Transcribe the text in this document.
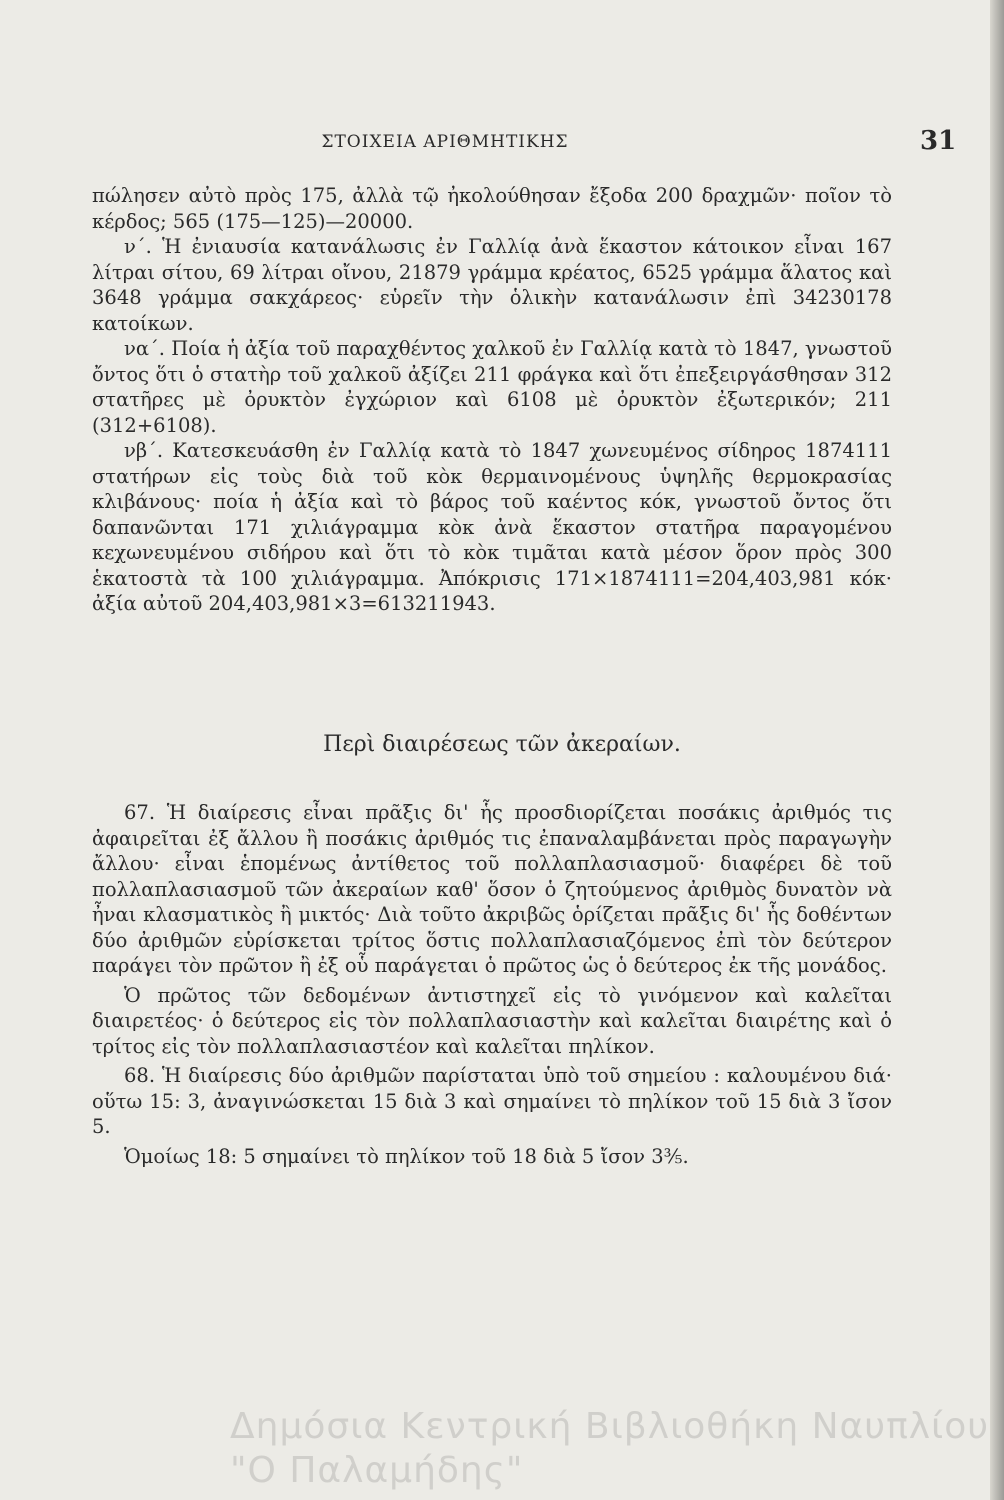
ΣΤΟΙΧΕΙΑ ΑΡΙΘΜΗΤΙΚΗΣ	31

πώλησεν αὐτὸ πρὸς 175, ἀλλὰ τῷ ἠκολούθησαν ἔξοδα 200 δραχμῶν· ποῖον τὸ κέρδος; 565 (175—125)—20000.

ν΄. Ἡ ἐνιαυσία κατανάλωσις ἐν Γαλλίᾳ ἀνὰ ἕκαστον κάτοικον εἶναι 167 λίτραι σίτου, 69 λίτραι οἴνου, 21879 γράμμα κρέατος, 6525 γράμμα ἅλατος καὶ 3648 γράμμα σακχάρεος· εὑρεῖν τὴν ὁλικὴν κατανάλωσιν ἐπὶ 34230178 κατοίκων.

να΄. Ποία ἡ ἀξία τοῦ παραχθέντος χαλκοῦ ἐν Γαλλίᾳ κατὰ τὸ 1847, γνωστοῦ ὄντος ὅτι ὁ στατὴρ τοῦ χαλκοῦ ἀξίζει 211 φράγκα καὶ ὅτι ἐπεξειργάσθησαν 312 στατῆρες μὲ ὀρυκτὸν ἐγχώριον καὶ 6108 μὲ ὀρυκτὸν ἐξωτερικόν; 211 (312+6108).

νβ΄. Κατεσκευάσθη ἐν Γαλλίᾳ κατὰ τὸ 1847 χωνευμένος σίδηρος 1874111 στατήρων εἰς τοὺς διὰ τοῦ κὸκ θερμαινομένους ὑψηλῆς θερμοκρασίας κλιβάνους· ποία ἡ ἀξία καὶ τὸ βάρος τοῦ καέντος κόκ, γνωστοῦ ὄντος ὅτι δαπανῶνται 171 χιλιάγραμμα κὸκ ἀνὰ ἕκαστον στατῆρα παραγομένου κεχωνευμένου σιδήρου καὶ ὅτι τὸ κὸκ τιμᾶται κατὰ μέσον ὅρον πρὸς 300 ἑκατοστὰ τὰ 100 χιλιάγραμμα. Ἀπόκρισις 171×1874111=204,403,981 κόκ· ἀξία αὐτοῦ 204,403,981×3=613211943.

Περὶ διαιρέσεως τῶν ἀκεραίων.

67. Ἡ διαίρεσις εἶναι πρᾶξις δι' ἧς προσδιορίζεται ποσάκις ἀριθμός τις ἀφαιρεῖται ἐξ ἄλλου ἢ ποσάκις ἀριθμός τις ἐπαναλαμβάνεται πρὸς παραγωγὴν ἄλλου· εἶναι ἑπομένως ἀντίθετος τοῦ πολλαπλασιασμοῦ· διαφέρει δὲ τοῦ πολλαπλασιασμοῦ τῶν ἀκεραίων καθ' ὅσον ὁ ζητούμενος ἀριθμὸς δυνατὸν νὰ ἦναι κλασματικὸς ἢ μικτός· Διὰ τοῦτο ἀκριβῶς ὁρίζεται πρᾶξις δι' ἧς δοθέντων δύο ἀριθμῶν εὑρίσκεται τρίτος ὅστις πολλαπλασιαζόμενος ἐπὶ τὸν δεύτερον παράγει τὸν πρῶτον ἢ ἐξ οὗ παράγεται ὁ πρῶτος ὡς ὁ δεύτερος ἐκ τῆς μονάδος.

Ὁ πρῶτος τῶν δεδομένων ἀντιστηχεῖ εἰς τὸ γινόμενον καὶ καλεῖται διαιρετέος· ὁ δεύτερος εἰς τὸν πολλαπλασιαστὴν καὶ καλεῖται διαιρέτης καὶ ὁ τρίτος εἰς τὸν πολλαπλασιαστέον καὶ καλεῖται πηλίκον.

68. Ἡ διαίρεσις δύο ἀριθμῶν παρίσταται ὑπὸ τοῦ σημείου : καλουμένου διά· οὕτω 15: 3, ἀναγινώσκεται 15 διὰ 3 καὶ σημαίνει τὸ πηλίκον τοῦ 15 διὰ 3 ἴσον 5.

Ὁμοίως 18: 5 σημαίνει τὸ πηλίκον τοῦ 18 διὰ 5 ἴσον 3⅗.

Δημόσια Κεντρική Βιβλιοθήκη Ναυπλίου
"Ο Παλαμήδης"
